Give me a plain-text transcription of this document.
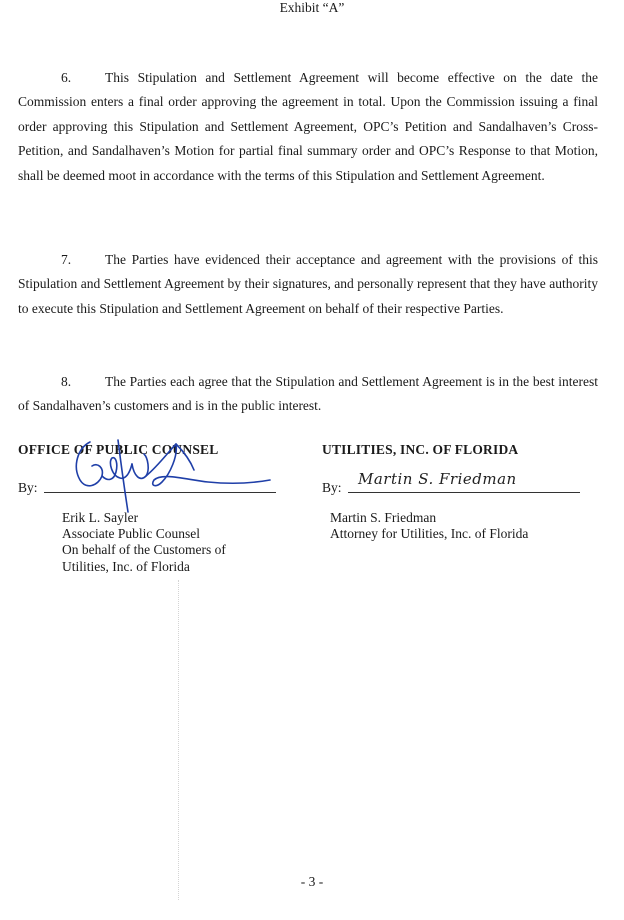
Exhibit “A”

6.	This Stipulation and Settlement Agreement will become effective on the date the Commission enters a final order approving the agreement in total. Upon the Commission issuing a final order approving this Stipulation and Settlement Agreement, OPC’s Petition and Sandalhaven’s Cross-Petition, and Sandalhaven’s Motion for partial final summary order and OPC’s Response to that Motion, shall be deemed moot in accordance with the terms of this Stipulation and Settlement Agreement.

7.	The Parties have evidenced their acceptance and agreement with the provisions of this Stipulation and Settlement Agreement by their signatures, and personally represent that they have authority to execute this Stipulation and Settlement Agreement on behalf of their respective Parties.

8.	The Parties each agree that the Stipulation and Settlement Agreement is in the best interest of Sandalhaven’s customers and is in the public interest.

OFFICE OF PUBLIC COUNSEL
By:
Erik L. Sayler
Associate Public Counsel
On behalf of the Customers of
Utilities, Inc. of Florida
UTILITIES, INC. OF FLORIDA
By: Martin S. Friedman
Martin S. Friedman
Attorney for Utilities, Inc. of Florida
- 3 -
